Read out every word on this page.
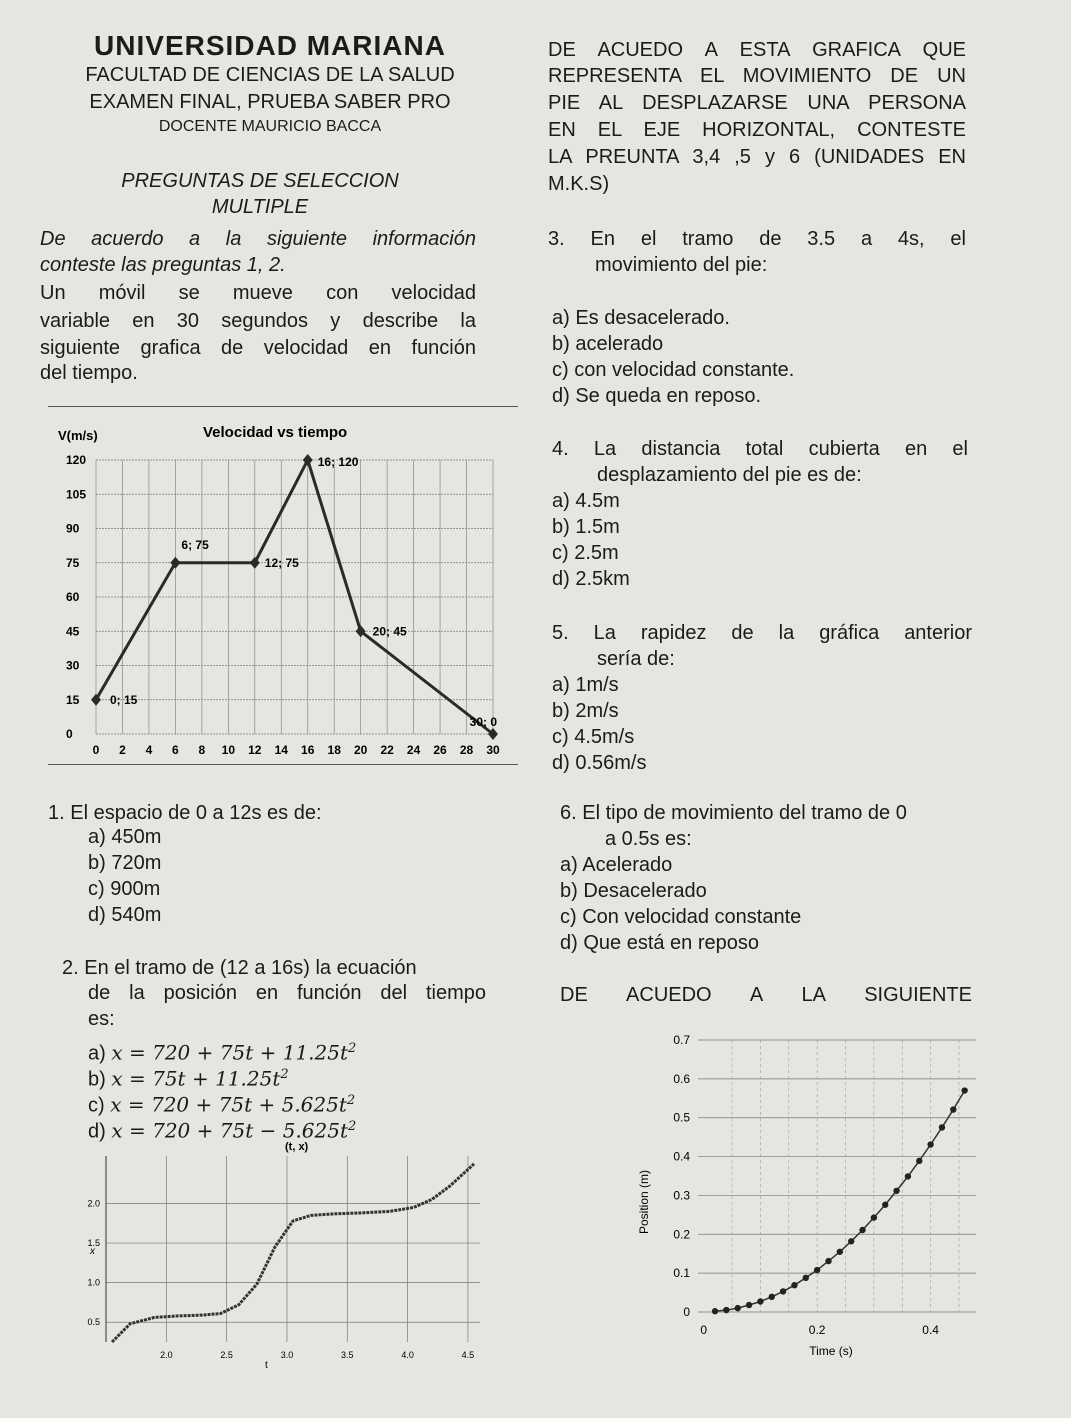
UNIVERSIDAD MARIANA
FACULTAD DE CIENCIAS DE LA SALUD
EXAMEN FINAL, PRUEBA SABER PRO
DOCENTE MAURICIO BACCA
PREGUNTAS DE SELECCION
MULTIPLE
De acuerdo a la siguiente información
conteste las preguntas 1, 2.
Un móvil se mueve con velocidad
variable en 30 segundos y describe la
siguiente grafica de velocidad en función
del tiempo.
V(m/s)	Velocidad vs tiempo
0
15
30
45
60
75
90
105
120
0 2 4 6 8 10 12 14 16 18 20 22 24 26 28 30
0; 15
6; 75
12; 75
16; 120
20; 45
30; 0
1. El espacio de 0 a 12s es de:
a) 450m
b) 720m
c) 900m
d) 540m
2. En el tramo de (12 a 16s) la ecuación
de la posición en función del tiempo
es:
a) $x = 720 + 75t + 11.25t^2$
b) $x = 75t + 11.25t^2$
c) $x = 720 + 75t + 5.625t^2$
d) $x = 720 + 75t - 5.625t^2$
(t, x)
x
t
2.0	2.5	3.0	3.5	4.0	4.5
0.5
1.0
1.5
2.0
DE ACUEDO A ESTA GRAFICA QUE
REPRESENTA EL MOVIMIENTO DE UN
PIE AL DESPLAZARSE UNA PERSONA
EN EL EJE HORIZONTAL, CONTESTE
LA PREUNTA 3,4 ,5 y 6 (UNIDADES EN
M.K.S)
3. En el tramo de 3.5 a 4s, el
movimiento del pie:
a) Es desacelerado.
b) acelerado
c) con velocidad constante.
d) Se queda en reposo.
4. La distancia total cubierta en el
desplazamiento del pie es de:
a) 4.5m
b) 1.5m
c) 2.5m
d) 2.5km
5. La rapidez de la gráfica anterior
sería de:
a) 1m/s
b) 2m/s
c) 4.5m/s
d) 0.56m/s
6. El tipo de movimiento del tramo de 0
a 0.5s es:
a) Acelerado
b) Desacelerado
c) Con velocidad constante
d) Que está en reposo
DE ACUEDO A LA SIGUIENTE
0
0.1
0.2
0.3
0.4
0.5
0.6
0.7
0	0.2	0.4
Position (m)
Time (s)
